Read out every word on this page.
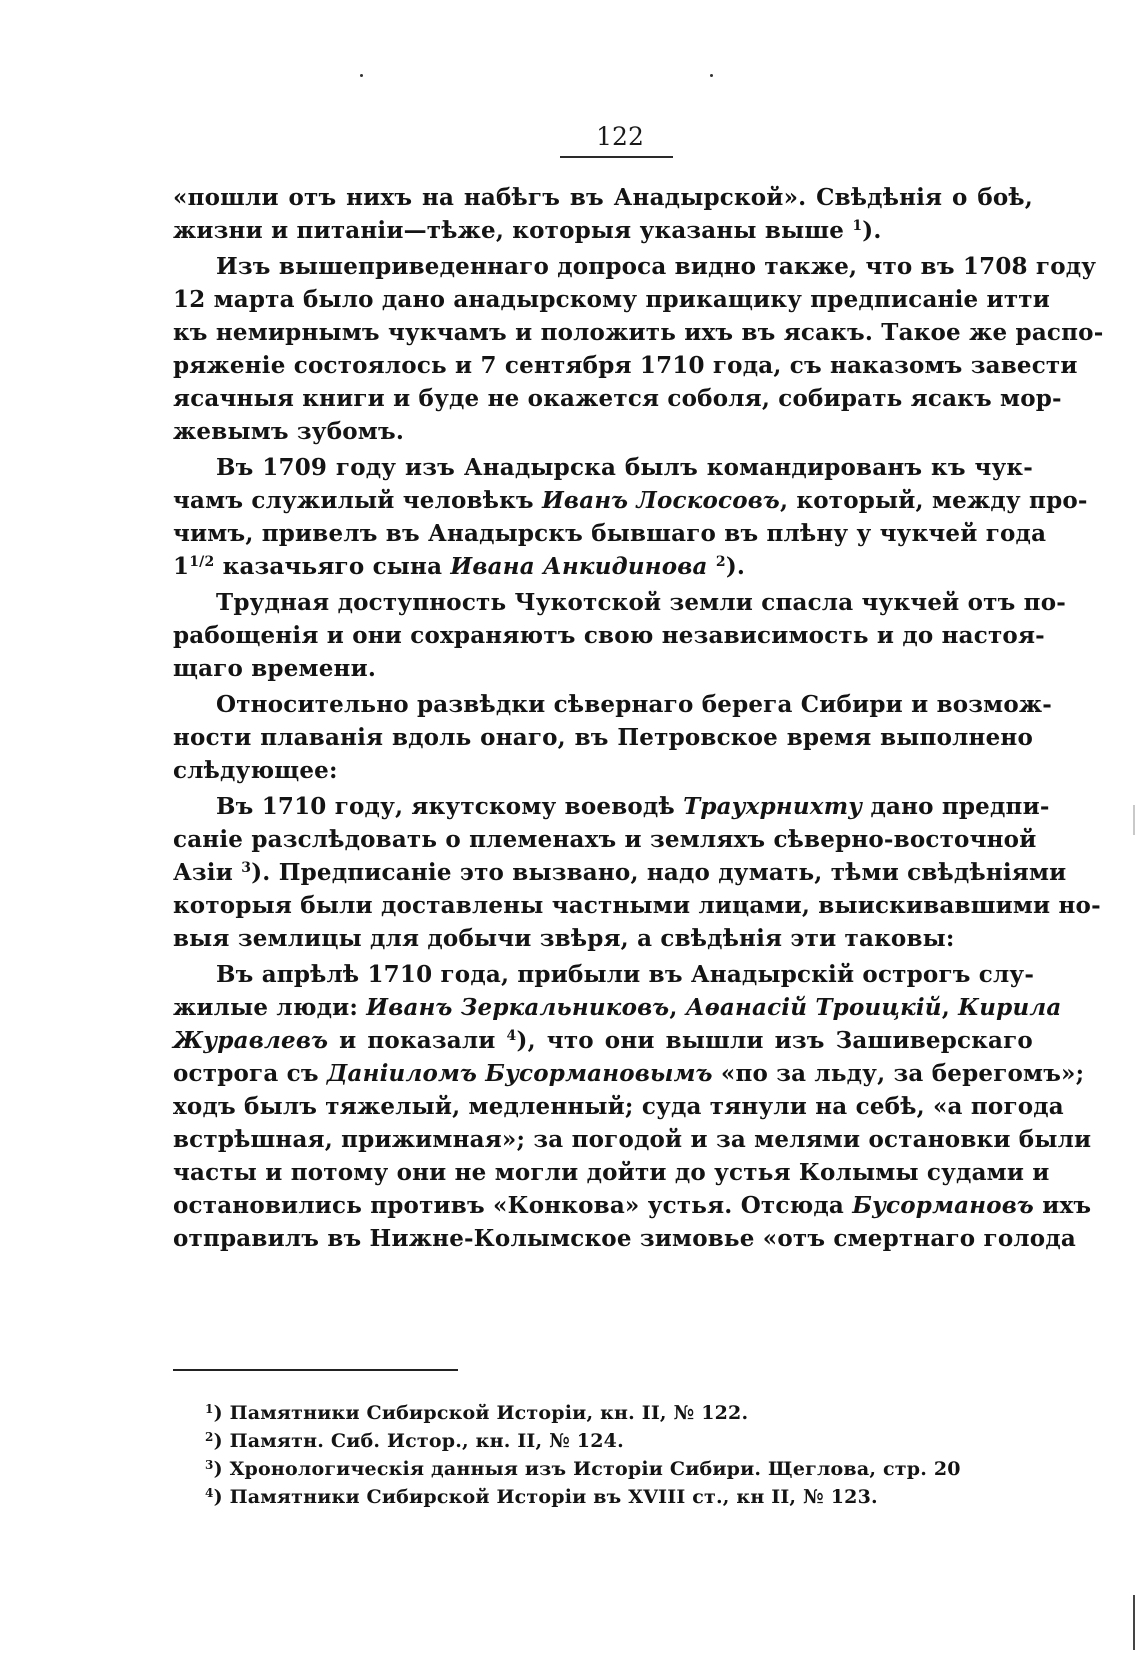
122
«пошли отъ нихъ на набѣгъ въ Анадырской». Свѣдѣнія о боѣ,
жизни и питаніи—тѣже, которыя указаны выше $^1$).
Изъ вышеприведеннаго допроса видно также, что въ 1708 году
12 марта было дано анадырскому прикащику предписаніе итти
къ немирнымъ чукчамъ и положить ихъ въ ясакъ. Такое же распо-
ряженіе состоялось и 7 сентября 1710 года, съ наказомъ завести
ясачныя книги и буде не окажется соболя, собирать ясакъ мор-
жевымъ зубомъ.
Въ 1709 году изъ Анадырска былъ командированъ къ чук-
чамъ служилый человѣкъ Иванъ Лоскосовъ, который, между про-
чимъ, привелъ въ Анадырскъ бывшаго въ плѣну у чукчей года
$1^{1/2}$ казачьяго сына Ивана Анкидинова $^2$).
Трудная доступность Чукотской земли спасла чукчей отъ по-
рабощенія и они сохраняютъ свою независимость и до настоя-
щаго времени.
Относительно развѣдки сѣвернаго берега Сибири и возмож-
ности плаванія вдоль онаго, въ Петровское время выполнено
слѣдующее:
Въ 1710 году, якутскому воеводѣ Траухрниxту дано предпи-
саніе разслѣдовать о племенахъ и земляхъ сѣверно-восточной
Азіи $^3$). Предписаніе это вызвано, надо думать, тѣми свѣдѣніями
которыя были доставлены частными лицами, выискивавшими но-
выя землицы для добычи звѣря, а свѣдѣнія эти таковы:
Въ апрѣлѣ 1710 года, прибыли въ Анадырскій острогъ слу-
жилые люди: Иванъ Зеркальниковъ, Аѳанасій Троицкій, Кирила
Журавлевъ и показали $^4$), что они вышли изъ Зашиверскаго
острога съ Даніиломъ Бусормановымъ «по за льду, за берегомъ»;
ходъ былъ тяжелый, медленный; суда тянули на себѣ, «а погода
встрѣшная, прижимная»; за погодой и за мелями остановки были
часты и потому они не могли дойти до устья Колымы судами и
остановились противъ «Конкова» устья. Отсюда Бусормановъ ихъ
отправилъ въ Нижне-Колымское зимовье «отъ смертнаго голода
$^1$) Памятники Сибирской Исторіи, кн. II, № 122.
$^2$) Памятн. Сиб. Истор., кн. II, № 124.
$^3$) Хронологическія данныя изъ Исторіи Сибири. Щеглова, стр. 20
$^4$) Памятники Сибирской Исторіи въ XVIII ст., кн II, № 123.
